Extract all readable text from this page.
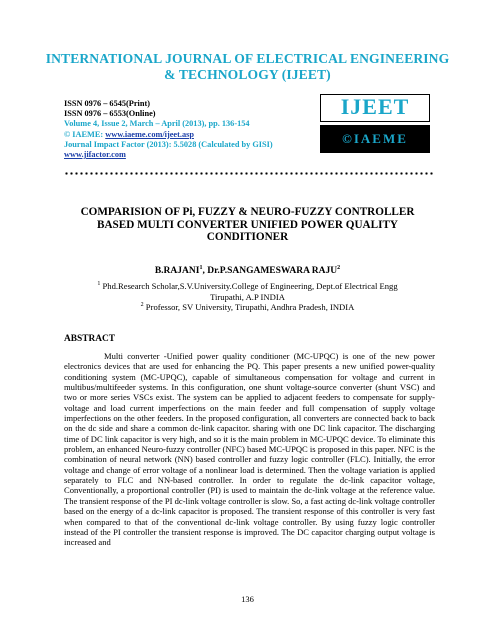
INTERNATIONAL JOURNAL OF ELECTRICAL ENGINEERING
& TECHNOLOGY (IJEET)
ISSN 0976 – 6545(Print)
ISSN 0976 – 6553(Online)
Volume 4, Issue 2, March – April (2013), pp. 136-154
© IAEME: www.iaeme.com/ijeet.asp
Journal Impact Factor (2013): 5.5028 (Calculated by GISI)
www.jifactor.com
IJEET
©IAEME
COMPARISION OF Pi, FUZZY & NEURO-FUZZY CONTROLLER
BASED MULTI CONVERTER UNIFIED POWER QUALITY
CONDITIONER
B.RAJANI$^1$, Dr.P.SANGAMESWARA RAJU$^2$
$^1$ Phd.Research Scholar,S.V.University.College of Engineering, Dept.of Electrical Engg
Tirupathi, A.P INDIA
$^2$ Professor, SV University, Tirupathi, Andhra Pradesh, INDIA
ABSTRACT

Multi converter -Unified power quality conditioner (MC-UPQC) is one of the new power electronics devices that are used for enhancing the PQ. This paper presents a new unified power-quality conditioning system (MC-UPQC), capable of simultaneous compensation for voltage and current in multibus/multifeeder systems. In this configuration, one shunt voltage-source converter (shunt VSC) and two or more series VSCs exist. The system can be applied to adjacent feeders to compensate for supply-voltage and load current imperfections on the main feeder and full compensation of supply voltage imperfections on the other feeders. In the proposed configuration, all converters are connected back to back on the dc side and share a common dc-link capacitor. sharing with one DC link capacitor. The discharging time of DC link capacitor is very high, and so it is the main problem in MC-UPQC device. To eliminate this problem, an enhanced Neuro-fuzzy controller (NFC) based MC-UPQC is proposed in this paper. NFC is the combination of neural network (NN) based controller and fuzzy logic controller (FLC). Initially, the error voltage and change of error voltage of a nonlinear load is determined. Then the voltage variation is applied separately to FLC and NN-based controller. In order to regulate the dc-link capacitor voltage, Conventionally, a proportional controller (PI) is used to maintain the dc-link voltage at the reference value. The transient response of the PI dc-link voltage controller is slow. So, a fast acting dc-link voltage controller based on the energy of a dc-link capacitor is proposed. The transient response of this controller is very fast when compared to that of the conventional dc-link voltage controller. By using fuzzy logic controller instead of the PI controller the transient response is improved. The DC capacitor charging output voltage is increased and

136
